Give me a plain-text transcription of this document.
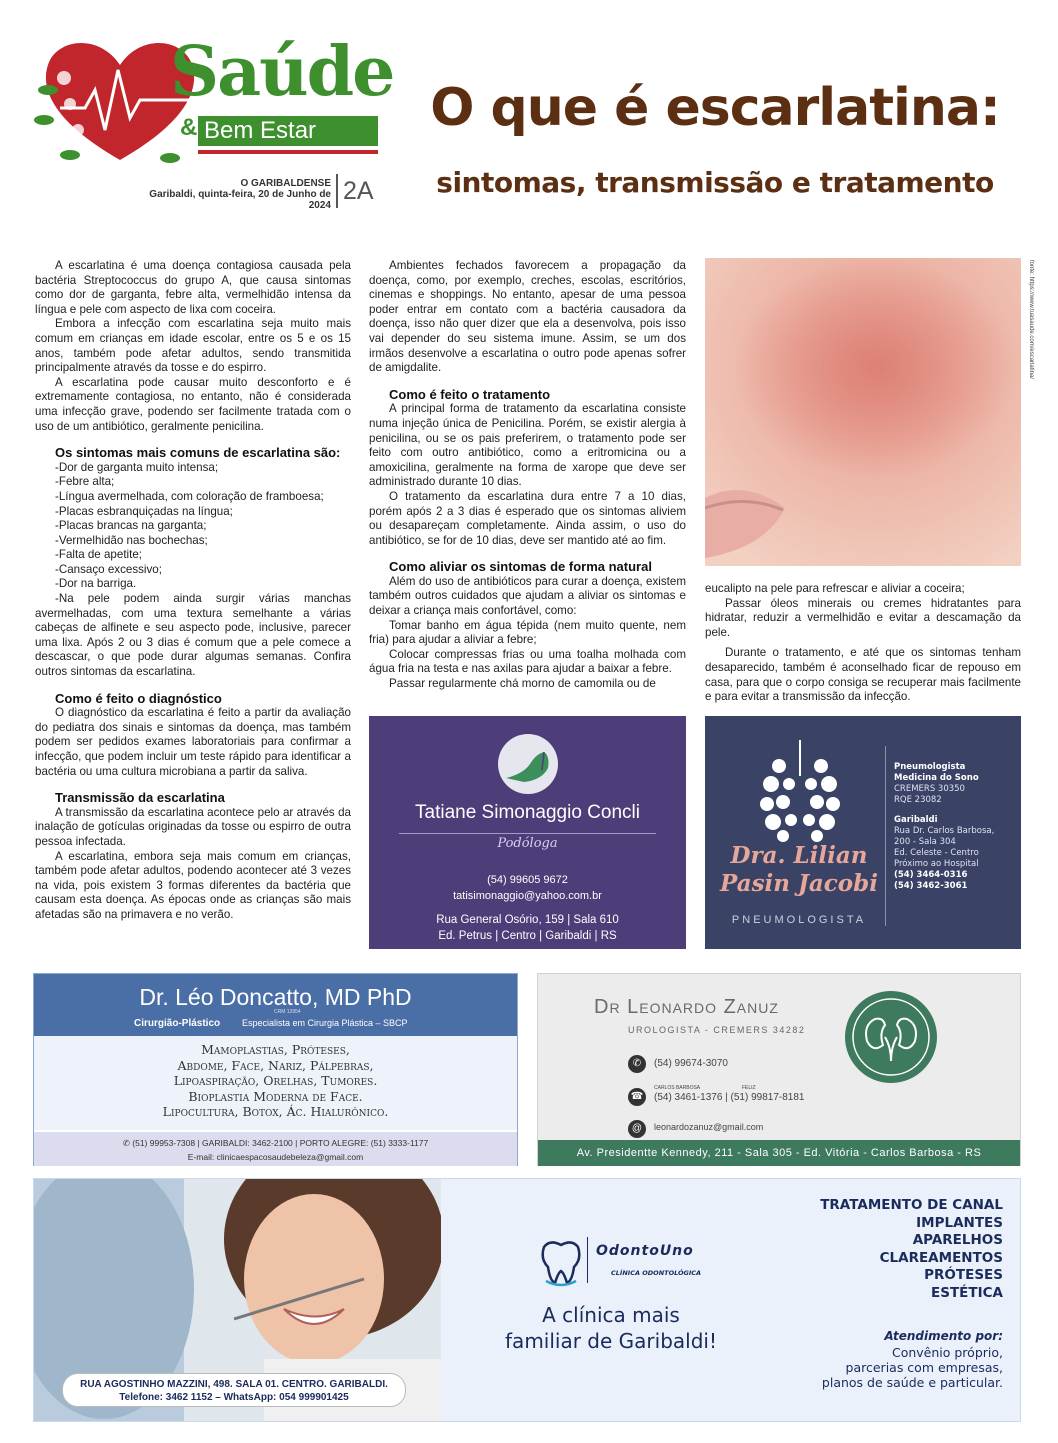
Saúde
& Bem Estar
O GARIBALDENSE
Garibaldi, quinta-feira, 20 de Junho de 2024
2A
O que é escarlatina:
sintomas, transmissão e tratamento

A escarlatina é uma doença contagiosa causada pela bactéria Streptococcus do grupo A, que causa sintomas como dor de garganta, febre alta, vermelhidão intensa da língua e pele com aspecto de lixa com coceira.

Embora a infecção com escarlatina seja muito mais comum em crianças em idade escolar, entre os 5 e os 15 anos, também pode afetar adultos, sendo transmitida principalmente através da tosse e do espirro.

A escarlatina pode causar muito desconforto e é extremamente contagiosa, no entanto, não é considerada uma infecção grave, podendo ser facilmente tratada com o uso de um antibiótico, geralmente penicilina.

Os sintomas mais comuns de escarlatina são:
-Dor de garganta muito intensa;
-Febre alta;
-Língua avermelhada, com coloração de framboesa;
-Placas esbranquiçadas na língua;
-Placas brancas na garganta;
-Vermelhidão nas bochechas;
-Falta de apetite;
-Cansaço excessivo;
-Dor na barriga.

-Na pele podem ainda surgir várias manchas avermelhadas, com uma textura semelhante a várias cabeças de alfinete e seu aspecto pode, inclusive, parecer uma lixa. Após 2 ou 3 dias é comum que a pele comece a descascar, o que pode durar algumas semanas. Confira outros sintomas da escarlatina.

Como é feito o diagnóstico

O diagnóstico da escarlatina é feito a partir da avaliação do pediatra dos sinais e sintomas da doença, mas também podem ser pedidos exames laboratoriais para confirmar a infecção, que podem incluir um teste rápido para identificar a bactéria ou uma cultura microbiana a partir da saliva.

Transmissão da escarlatina

A transmissão da escarlatina acontece pelo ar através da inalação de gotículas originadas da tosse ou espirro de outra pessoa infectada.

A escarlatina, embora seja mais comum em crianças, também pode afetar adultos, podendo acontecer até 3 vezes na vida, pois existem 3 formas diferentes da bactéria que causam esta doença. As épocas onde as crianças são mais afetadas são na primavera e no verão.

Ambientes fechados favorecem a propagação da doença, como, por exemplo, creches, escolas, escritórios, cinemas e shoppings. No entanto, apesar de uma pessoa poder entrar em contato com a bactéria causadora da doença, isso não quer dizer que ela a desenvolva, pois isso vai depender do seu sistema imune. Assim, se um dos irmãos desenvolve a escarlatina o outro pode apenas sofrer de amigdalite.

Como é feito o tratamento

A principal forma de tratamento da escarlatina consiste numa injeção única de Penicilina. Porém, se existir alergia à penicilina, ou se os pais preferirem, o tratamento pode ser feito com outro antibiótico, como a eritromicina ou a amoxicilina, geralmente na forma de xarope que deve ser administrado durante 10 dias.

O tratamento da escarlatina dura entre 7 a 10 dias, porém após 2 a 3 dias é esperado que os sintomas aliviem ou desapareçam completamente. Ainda assim, o uso do antibiótico, se for de 10 dias, deve ser mantido até ao fim.

Como aliviar os sintomas de forma natural

Além do uso de antibióticos para curar a doença, existem também outros cuidados que ajudam a aliviar os sintomas e deixar a criança mais confortável, como:

Tomar banho em água tépida (nem muito quente, nem fria) para ajudar a aliviar a febre;

Colocar compressas frias ou uma toalha molhada com água fria na testa e nas axilas para ajudar a baixar a febre.

Passar regularmente chá morno de camomila ou de

fonte: https://www.tuasaude.com/escarlatina/
eucalipto na pele para refrescar e aliviar a coceira;

Passar óleos minerais ou cremes hidratantes para hidratar, reduzir a vermelhidão e evitar a descamação da pele.

Durante o tratamento, e até que os sintomas tenham desaparecido, também é aconselhado ficar de repouso em casa, para que o corpo consiga se recuperar mais facilmente e para evitar a transmissão da infecção.

Tatiane Simonaggio Concli
Podóloga
(54) 99605 9672
tatisimonaggio@yahoo.com.br
Rua General Osório, 159 | Sala 610
Ed. Petrus | Centro | Garibaldi | RS
Dra. Lilian
Pasin Jacobi
PNEUMOLOGISTA
Pneumologista
Medicina do Sono
CREMERS 30350
RQE 23082
Garibaldi
Rua Dr. Carlos Barbosa,
200 - Sala 304
Ed. Celeste - Centro
Próximo ao Hospital
(54) 3464-0316
(54) 3462-3061
Dr. Léo Doncatto, MD PhD
CRM 13954
Cirurgião-Plástico Especialista em Cirurgia Plástica – SBCP
Mamoplastias, Próteses,
Abdome, Face, Nariz, Pálpebras,
Lipoaspiração, Orelhas, Tumores.
Bioplastia Moderna de Face.
Lipocultura, Botox, Ác. Hialurônico.
✆ (51) 99953-7308 | GARIBALDI: 3462-2100 | PORTO ALEGRE: (51) 3333-1177
E-mail: clinicaespacosaudebeleza@gmail.com
Dr Leonardo Zanuz
UROLOGISTA - CREMERS 34282
✆	(54) 99674-3070
☎
CARLOS BARBOSA	FELIZ
(54) 3461-1376 | (51) 99817-8181
@	leonardozanuz@gmail.com
Av. Presidentte Kennedy, 211 - Sala 305 - Ed. Vitória - Carlos Barbosa - RS
OdontoUno
CLÍNICA ODONTOLÓGICA
A clínica mais
familiar de Garibaldi!
TRATAMENTO DE CANAL
IMPLANTES
APARELHOS
CLAREAMENTOS
PRÓTESES
ESTÉTICA
Atendimento por:
Convênio próprio,
parcerias com empresas,
planos de saúde e particular.
RUA AGOSTINHO MAZZINI, 498. SALA 01. CENTRO. GARIBALDI.
Telefone: 3462 1152 – WhatsApp: 054 999901425
